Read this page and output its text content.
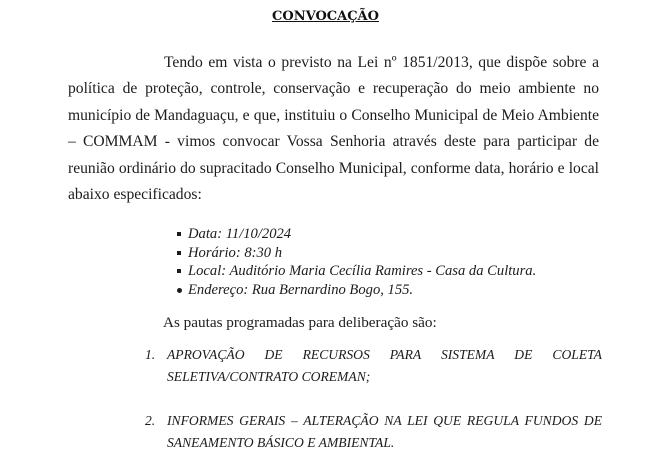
CONVOCAÇÃO

Tendo em vista o previsto na Lei nº 1851/2013, que dispõe sobre a política de proteção, controle, conservação e recuperação do meio ambiente no município de Mandaguaçu, e que, instituiu o Conselho Municipal de Meio Ambiente – COMMAM - vimos convocar Vossa Senhoria através deste para participar de reunião ordinário do supracitado Conselho Municipal, conforme data, horário e local abaixo especificados:

Data: 11/10/2024
Horário: 8:30 h
Local: Auditório Maria Cecília Ramires - Casa da Cultura.
Endereço: Rua Bernardino Bogo, 155.
As pautas programadas para deliberação são:
1. APROVAÇÃO DE RECURSOS PARA SISTEMA DE COLETA
SELETIVA/CONTRATO COREMAN;
2. INFORMES GERAIS – ALTERAÇÃO NA LEI QUE REGULA FUNDOS DE
SANEAMENTO BÁSICO E AMBIENTAL.
